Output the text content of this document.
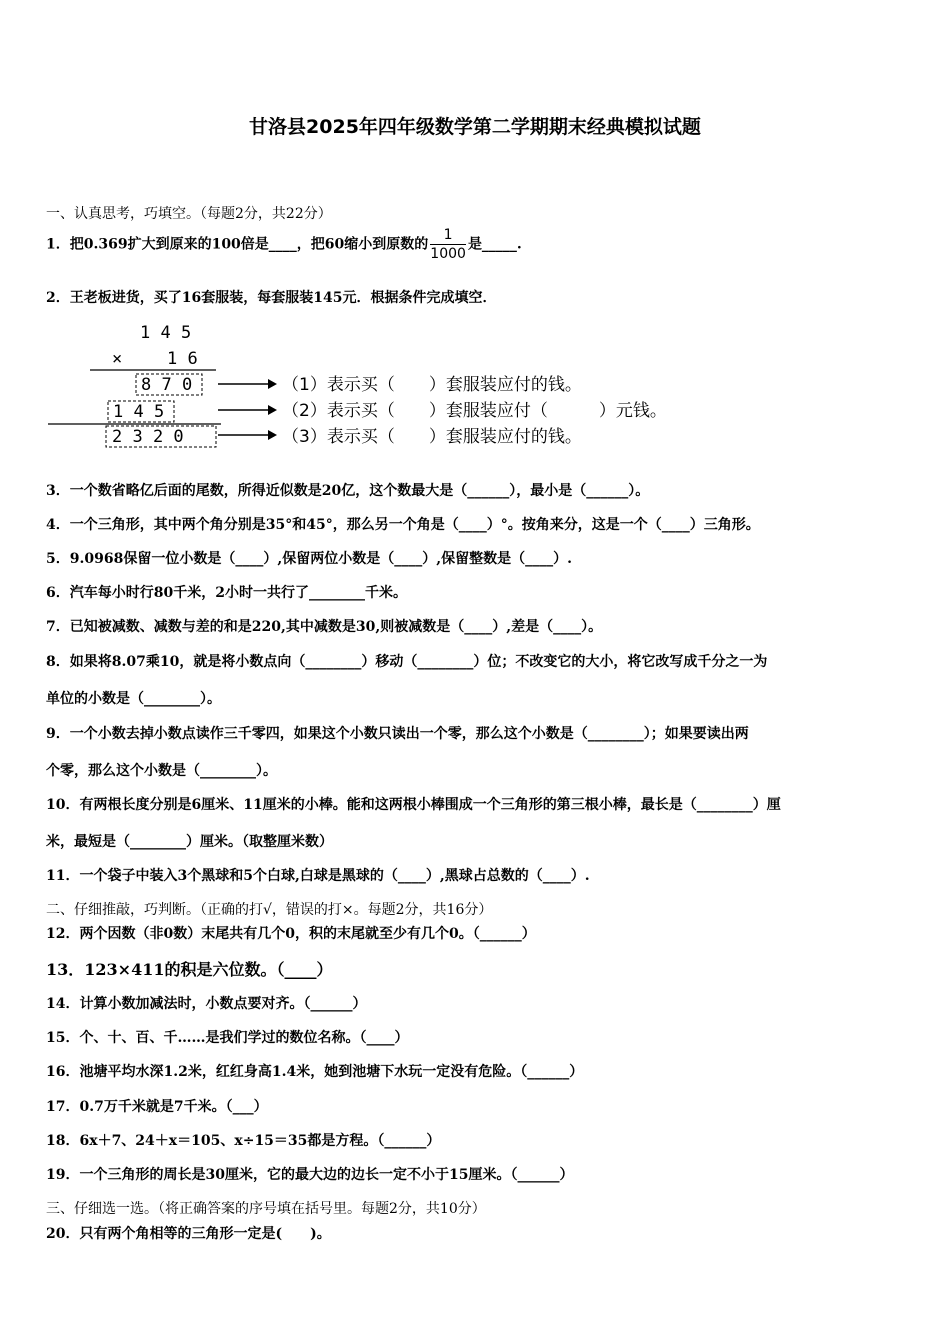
甘洛县2025年四年级数学第二学期期末经典模拟试题
一、认真思考，巧填空。（每题2分，共22分）
1．把0.369扩大到原来的100倍是____，把60缩小到原数的 $\frac{1}{1000}$ 是_____.
2．王老板进货，买了16套服装，每套服装145元．根据条件完成填空．
1 4 5
×	1 6
8 7 0
1 4 5
2 3 2 0
（1）表示买（　　）套服装应付的钱。
（2）表示买（　　）套服装应付（　　　）元钱。
（3）表示买（　　）套服装应付的钱。
3．一个数省略亿后面的尾数，所得近似数是20亿，这个数最大是（______），最小是（______）。
4．一个三角形，其中两个角分别是35°和45°，那么另一个角是（____）°。按角来分，这是一个（____）三角形。
5．9.0968保留一位小数是（____）,保留两位小数是（____）,保留整数是（____）.
6．汽车每小时行80千米，2小时一共行了________千米。
7．已知被减数、减数与差的和是220,其中减数是30,则被减数是（____）,差是（____）。
8．如果将8.07乘10，就是将小数点向（________）移动（________）位；不改变它的大小，将它改写成千分之一为
单位的小数是（________）。
9．一个小数去掉小数点读作三千零四，如果这个小数只读出一个零，那么这个小数是（________）；如果要读出两
个零，那么这个小数是（________）。
10．有两根长度分别是6厘米、11厘米的小棒。能和这两根小棒围成一个三角形的第三根小棒，最长是（________）厘
米，最短是（________）厘米。（取整厘米数）
11．一个袋子中装入3个黑球和5个白球,白球是黑球的（____）,黑球占总数的（____）.
二、仔细推敲，巧判断。（正确的打√，错误的打×。每题2分，共16分）
12．两个因数（非0数）末尾共有几个0，积的末尾就至少有几个0。（______）
13．123×411的积是六位数。（____）
14．计算小数加减法时，小数点要对齐。（______）
15．个、十、百、千……是我们学过的数位名称。（____）
16．池塘平均水深1.2米，红红身高1.4米，她到池塘下水玩一定没有危险。（______）
17．0.7万千米就是7千米。（___）
18．6x＋7、24＋x＝105、x÷15＝35都是方程。（______）
19．一个三角形的周长是30厘米，它的最大边的边长一定不小于15厘米。（______）
三、仔细选一选。（将正确答案的序号填在括号里。每题2分，共10分）
20．只有两个角相等的三角形一定是(　　)。
